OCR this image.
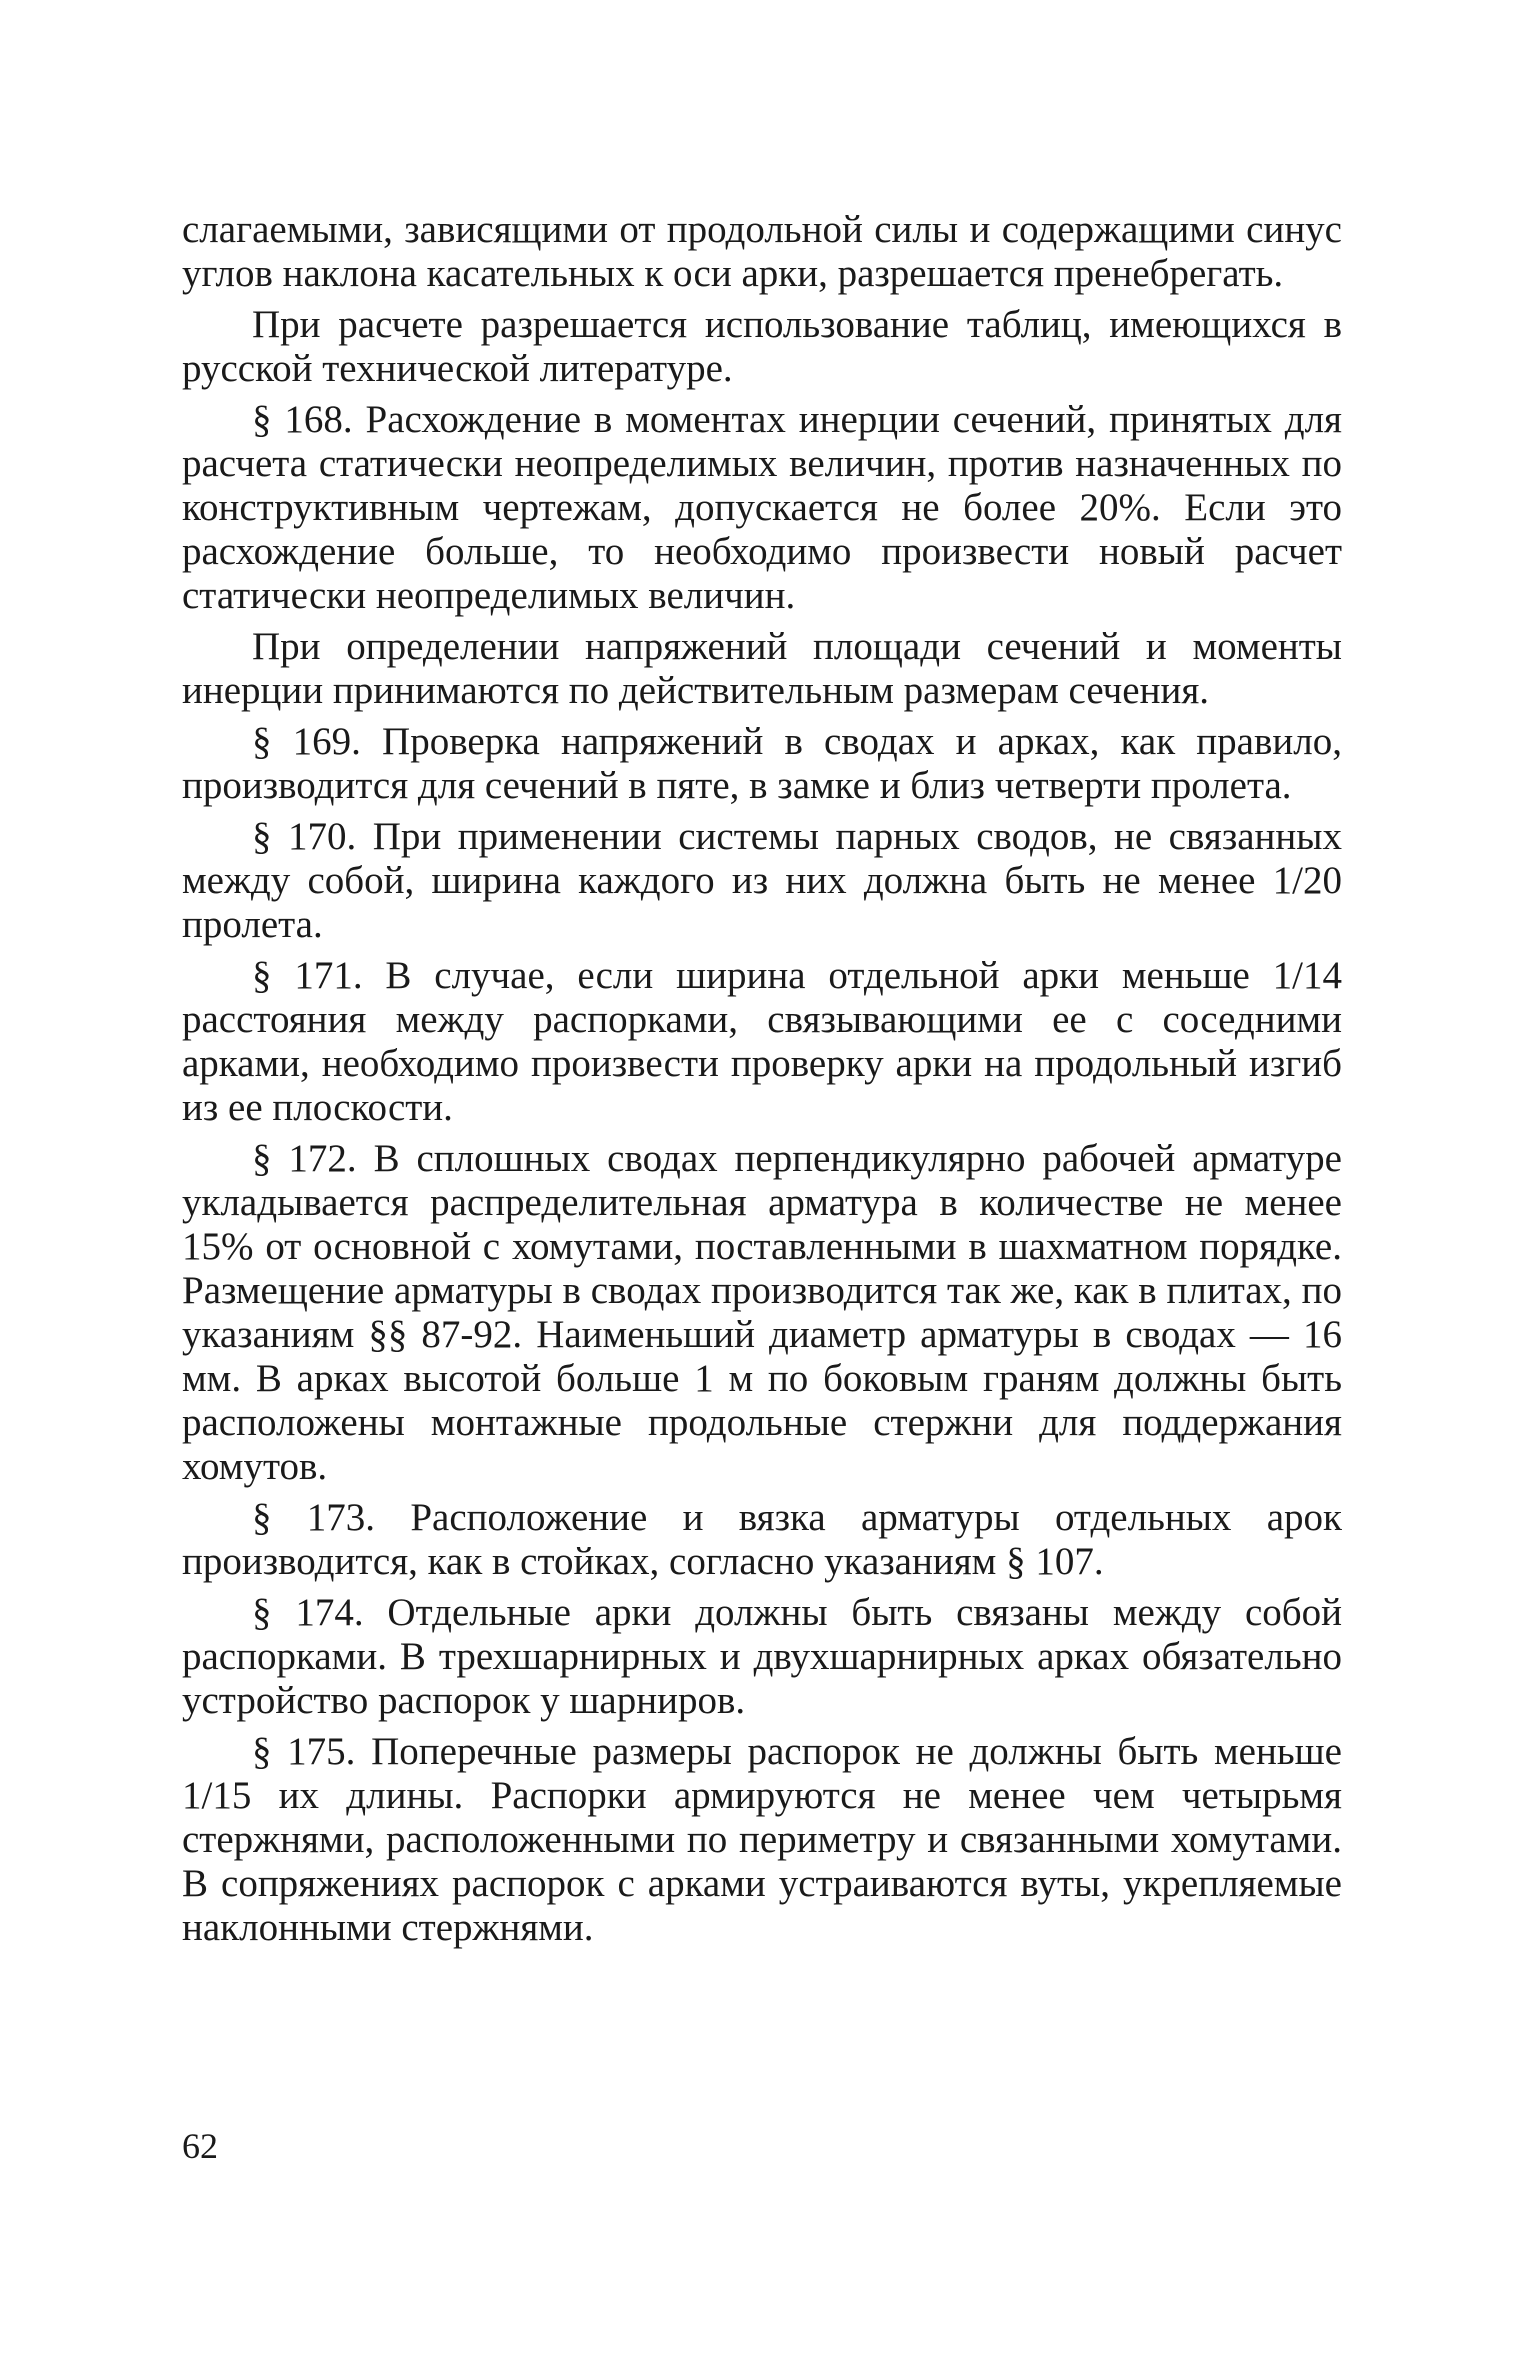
слагаемыми, зависящими от продольной силы и содержащими синус углов наклона касательных к оси арки, разрешается пренебрегать.

При расчете разрешается использование таблиц, имеющихся в русской технической литературе.

§ 168. Расхождение в моментах инерции сечений, принятых для расчета статически неопределимых величин, против назначенных по конструктивным чертежам, допускается не более 20%. Если это расхождение больше, то необходимо произвести новый расчет статически неопределимых величин.

При определении напряжений площади сечений и моменты инерции принимаются по действительным размерам сечения.

§ 169. Проверка напряжений в сводах и арках, как правило, производится для сечений в пяте, в замке и близ четверти пролета.

§ 170. При применении системы парных сводов, не связанных между собой, ширина каждого из них должна быть не менее 1/20 пролета.

§ 171. В случае, если ширина отдельной арки меньше 1/14 расстояния между распорками, связывающими ее с соседними арками, необходимо произвести проверку арки на продольный изгиб из ее плоскости.

§ 172. В сплошных сводах перпендикулярно рабочей арматуре укладывается распределительная арматура в количестве не менее 15% от основной с хомутами, поставленными в шахматном порядке. Размещение арматуры в сводах производится так же, как в плитах, по указаниям §§ 87-92. Наименьший диаметр арматуры в сводах — 16 мм. В арках высотой больше 1 м по боковым граням должны быть расположены монтажные продольные стержни для поддержания хомутов.

§ 173. Расположение и вязка арматуры отдельных арок производится, как в стойках, согласно указаниям § 107.

§ 174. Отдельные арки должны быть связаны между собой распорками. В трехшарнирных и двухшарнирных арках обязательно устройство распорок у шарниров.

§ 175. Поперечные размеры распорок не должны быть меньше 1/15 их длины. Распорки армируются не менее чем четырьмя стержнями, расположенными по периметру и связанными хомутами. В сопряжениях распорок с арками устраиваются вуты, укрепляемые наклонными стержнями.

62
